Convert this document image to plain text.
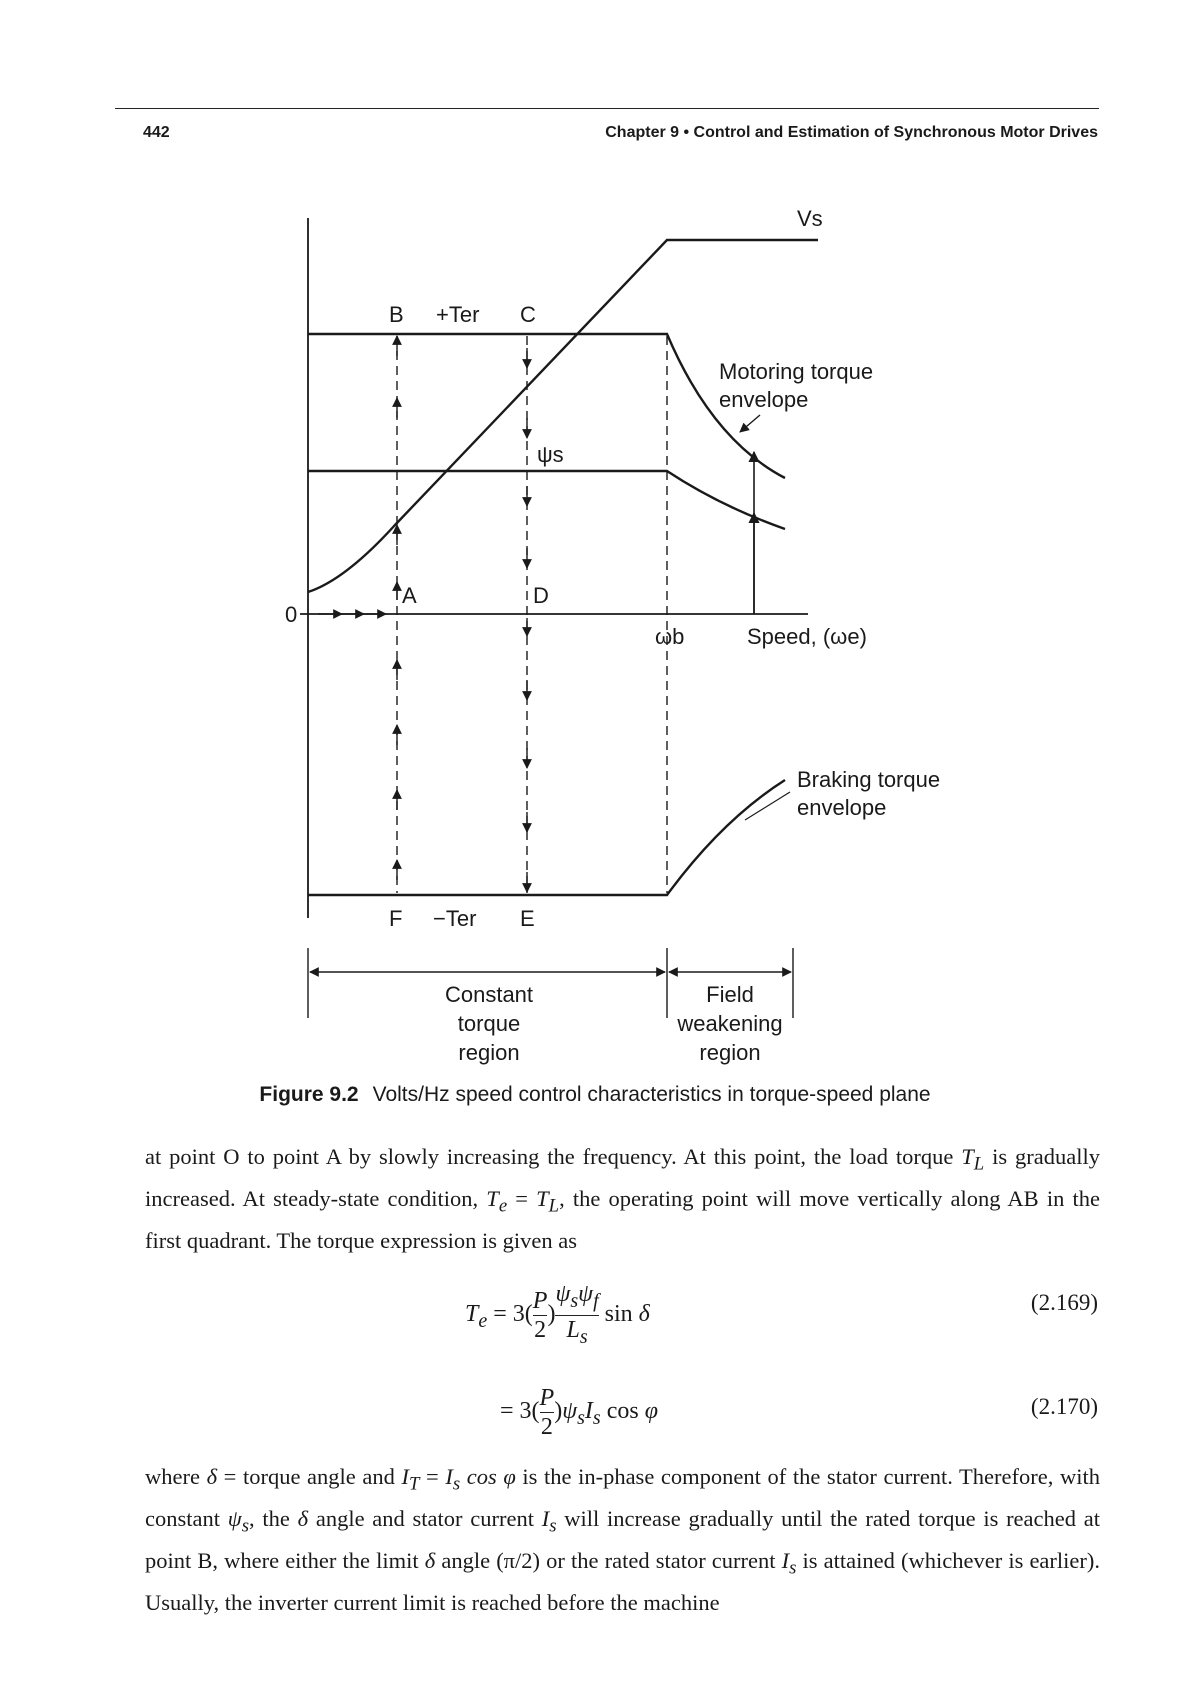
442	Chapter 9 • Control and Estimation of Synchronous Motor Drives
Vs
B +Ter C
Motoring torque
envelope
ψs
A	D
0
ωb	Speed, (ωe)
Braking torque
envelope
F −Ter E
Constant
torque
region
Field
weakening
region
Figure 9.2 Volts/Hz speed control characteristics in torque-speed plane
at point O to point A by slowly increasing the frequency. At this point, the load torque $T_L$ is gradually increased. At steady-state condition, $T_e = T_L$, the operating point will move vertically along AB in the first quadrant. The torque expression is given as
$T_e = 3( \frac{P}{2}$ ) $\frac{\psi_s\psi_f}{L_s}$ sin δ	(2.169)
= $3( \frac{P}{2} )\psi_sI_s$ cos φ	(2.170)
where δ = torque angle and $I_T = I_s$ cos φ is the in-phase component of the stator current. Therefore, with constant $\psi_s$, the δ angle and stator current $I_s$ will increase gradually until the rated torque is reached at point B, where either the limit δ angle (π/2) or the rated stator current $I_s$ is attained (whichever is earlier). Usually, the inverter current limit is reached before the machine
